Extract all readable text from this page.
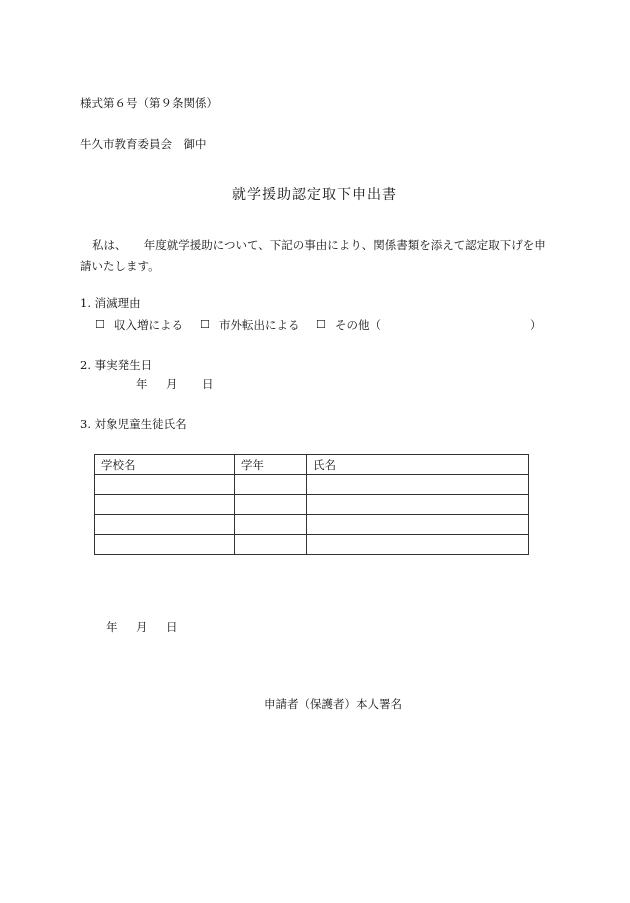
様式第６号（第９条関係）
牛久市教育委員会　御中
就学援助認定取下申出書
私は、　　年度就学援助について、下記の事由により、関係書類を添えて認定取下げを申
請いたします。
1. 消滅理由
☐ 収入増による ☐ 市外転出による ☐ その他（	）
2. 事実発生日
年 月 日
3. 対象児童生徒氏名
学校名	学年	氏名

年 月 日
申請者（保護者）本人署名
